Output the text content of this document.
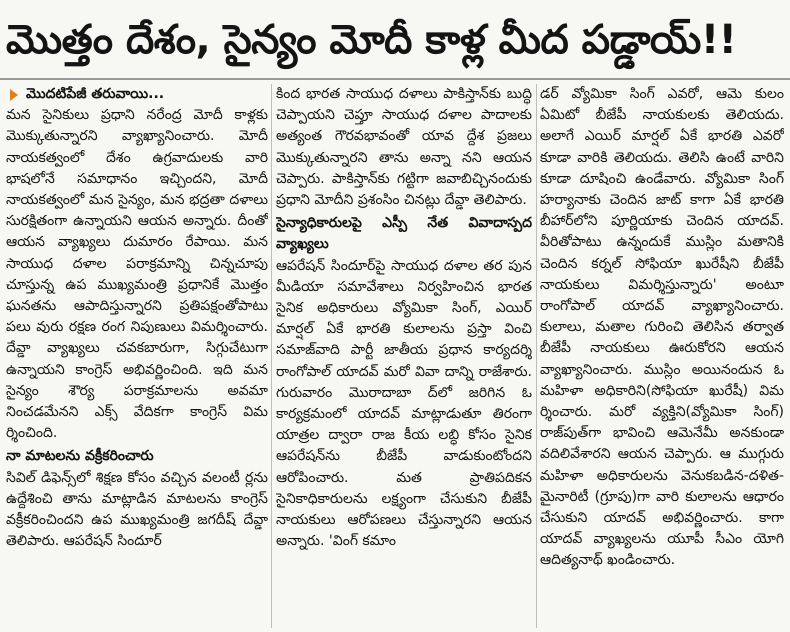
మొత్తం దేశం, సైన్యం మోదీ కాళ్ల మీద పడ్డాయ్!!
మొదటిపేజీ తరువాయి...

మన సైనికులు ప్రధాని నరేంద్ర మోదీ కాళ్లకు మొక్కుతున్నారని వ్యాఖ్యానించారు. మోదీ నాయకత్వంలో దేశం ఉగ్రవాదులకు వారి భాషలోనే సమాధానం ఇచ్చిందని, మోదీ నాయకత్వంలో మన సైన్యం, మన భద్రతా దళాలు సురక్షితంగా ఉన్నాయని ఆయన అన్నారు. దీంతో ఆయన వ్యాఖ్యలు దుమారం రేపాయి. మన సాయుధ దళాల పరాక్రమాన్ని చిన్నచూపు చూస్తున్న ఉప ముఖ్యమంత్రి ప్రధానికే మొత్తం ఘనతను ఆపాదిస్తున్నారని ప్రతిపక్షంతోపాటు పలు వురు రక్షణ రంగ నిపుణులు విమర్శించారు. దేవ్డా వ్యాఖ్యలు చవకబారుగా, సిగ్గుచేటుగా ఉన్నాయని కాంగ్రెస్ అభివర్ణించింది. ఇది మన సైన్యం శౌర్య పరాక్రమాలను అవమా నించడమేనని ఎక్స్ వేదికగా కాంగ్రెస్ విమ ర్శించింది.

నా మాటలను వక్రీకరించారు

సివిల్ డిఫెన్స్‌లో శిక్షణ కోసం వచ్చిన వలంటీ ర్లను ఉద్దేశించి తాను మాట్లాడిన మాటలను కాంగ్రెస్ వక్రీకరించిందని ఉప ముఖ్యమంత్రి జగదీష్ దేవ్డా తెలిపారు. ఆపరేషన్ సిందూర్

కింద భారత సాయుధ దళాలు పాకిస్తాన్‌కు బుద్ధి చెప్పాయని చెప్తూ సాయుధ దళాల పాదాలకు అత్యంత గౌరవభావంతో యావ ద్దేశ ప్రజలు మొక్కుతున్నారని తాను అన్నా నని ఆయన చెప్పారు. పాకిస్తాన్‌కు గట్టిగా జవాబిచ్చినందుకు ప్రధాని మోదీని ప్రశంసిం చినట్లు దేవ్డా తెలిపారు.

సైన్యాధికారులపై ఎస్పీ నేత వివాదాస్పద వ్యాఖ్యలు

ఆపరేషన్ సిందూర్‌పై సాయుధ దళాల తర పున మీడియా సమావేశాలు నిర్వహించిన భారత సైనిక అధికారులు వ్యోమికా సింగ్, ఎయిర్ మార్షల్ ఏకే భారతి కులాలను ప్రస్తా వించి సమాజ్‌వాది పార్టీ జాతీయ ప్రధాన కార్యదర్శి రాంగోపాల్ యాదవ్ మరో వివా దాన్ని రాజేశారు. గురువారం మొరాదాబా ద్‌లో జరిగిన ఓ కార్యక్రమంలో యాదవ్ మాట్లాడుతూ తిరంగా యాత్రల ద్వారా రాజ కీయ లబ్ధి కోసం సైనిక ఆపరేషన్‌ను బీజేపీ వాడుకుంటోందని ఆరోపించారు. మత ప్రాతిపదికన సైనికాధికారులను లక్ష్యంగా చేసుకుని బీజేపీ నాయకులు ఆరోపణలు చేస్తున్నారని ఆయన అన్నారు. 'వింగ్ కమాం

డర్ వ్యోమికా సింగ్ ఎవరో, ఆమె కులం ఏమిటో బీజేపీ నాయకులకు తెలియదు. అలాగే ఎయిర్ మార్షల్ ఏకే భారతి ఎవరో కూడా వారికి తెలియదు. తెలిసి ఉంటే వారిని కూడా దూషించి ఉండేవారు. వ్యోమికా సింగ్ హర్యానాకు చెందిన జాట్ కాగా ఏకే భారతి బీహార్‌లోని పూర్ణియాకు చెందిన యాదవ్. వీరితోపాటు ఉన్నందుకే ముస్లిం మతానికి చెందిన కర్నల్ సోఫియా ఖురేషీని బీజేపీ నాయకులు విమర్శిస్తున్నారు' అంటూ రాంగోపాల్ యాదవ్ వ్యాఖ్యానించారు. కులాలు, మతాల గురించి తెలిసిన తర్వాత బీజేపీ నాయకులు ఊరుకోరని ఆయన వ్యాఖ్యానించారు. ముస్లిం అయినందున ఓ మహిళా అధికారిని(సోఫియా ఖురేషీ) విమ ర్శించారు. మరో వ్యక్తిని(వ్యోమికా సింగ్) రాజ్‌పుత్‌గా భావించి ఆమెనేమీ అనకుండా వదిలివేశారని ఆయన చెప్పారు. ఆ ముగ్గురు మహిళా అధికారులను వెనుకబడిన-దళిత- మైనారిటీ (గ్రూపు)గా వారి కులాలను ఆధారం చేసుకుని యాదవ్ అభివర్ణించారు. కాగా యాదవ్ వ్యాఖ్యలను యూపీ సీఎం యోగి ఆదిత్యనాథ్ ఖండించారు.
